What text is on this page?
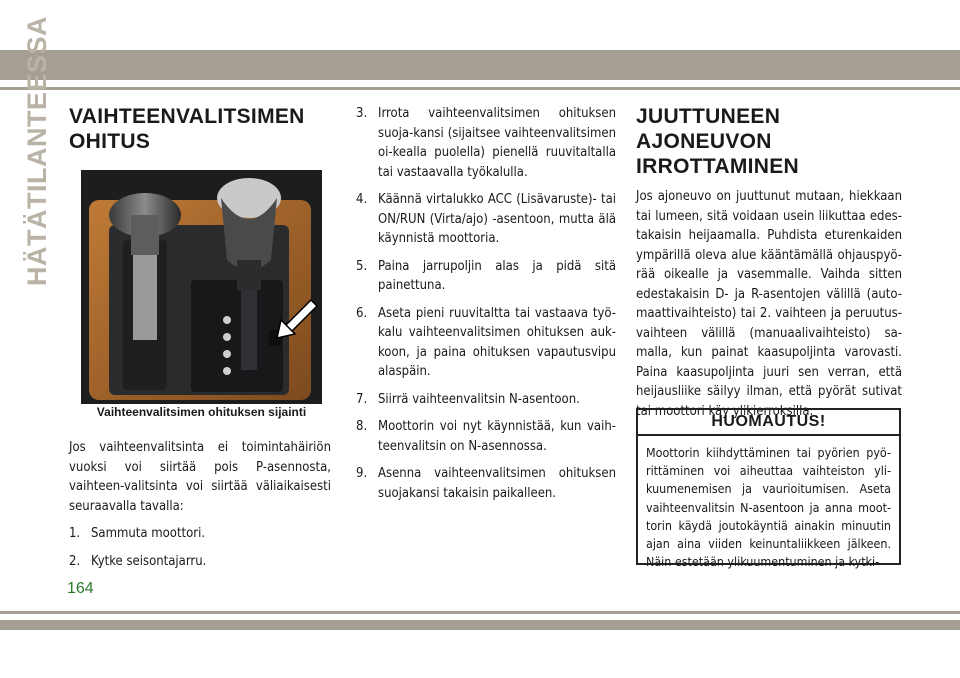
HÄTÄTILANTEESSA VAIHTEENVALITSIMEN
OHITUS
Vaihteenvalitsimen ohituksen sijainti

Jos vaihteenvalitsinta ei toimintahäiriön vuoksi voi siirtää pois P-asennosta, vaihteen-valitsinta voi siirtää väliaikaisesti seuraavalla tavalla:

1. Sammuta moottori.
2. Kytke seisontajarru.
3. Irrota vaihteenvalitsimen ohituksen suoja-kansi (sijaitsee vaihteenvalitsimen oi-kealla puolella) pienellä ruuvitaltalla tai vastaavalla työkalulla.
4. Käännä virtalukko ACC (Lisävaruste)- tai ON/RUN (Virta/ajo) -asentoon, mutta älä käynnistä moottoria.
5. Paina jarrupoljin alas ja pidä sitä painettuna.
6. Aseta pieni ruuvitaltta tai vastaava työ-kalu vaihteenvalitsimen ohituksen auk-koon, ja paina ohituksen vapautusvipu alaspäin.
7. Siirrä vaihteenvalitsin N-asentoon.
8. Moottorin voi nyt käynnistää, kun vaih-teenvalitsin on N-asennossa.
9. Asenna vaihteenvalitsimen ohituksen suojakansi takaisin paikalleen.
JUUTTUNEEN
AJONEUVON
IRROTTAMINEN

Jos ajoneuvo on juuttunut mutaan, hiekkaan tai lumeen, sitä voidaan usein liikuttaa edes-takaisin heijaamalla. Puhdista eturenkaiden ympärillä oleva alue kääntämällä ohjauspyö-rää oikealle ja vasemmalle. Vaihda sitten edestakaisin D- ja R-asentojen välillä (auto-maattivaihteisto) tai 2. vaihteen ja peruutus-vaihteen välillä (manuaalivaihteisto) sa-malla, kun painat kaasupoljinta varovasti. Paina kaasupoljinta juuri sen verran, että heijausliike säilyy ilman, että pyörät sutivat tai moottori käy ylikierroksilla.

HUOMAUTUS!
Moottorin kiihdyttäminen tai pyörien pyö-rittäminen voi aiheuttaa vaihteiston yli-kuumenemisen ja vaurioitumisen. Aseta vaihteenvalitsin N-asentoon ja anna moot-torin käydä joutokäyntiä ainakin minuutin ajan aina viiden keinuntaliikkeen jälkeen. Näin estetään ylikuumentuminen ja kytki-
164
